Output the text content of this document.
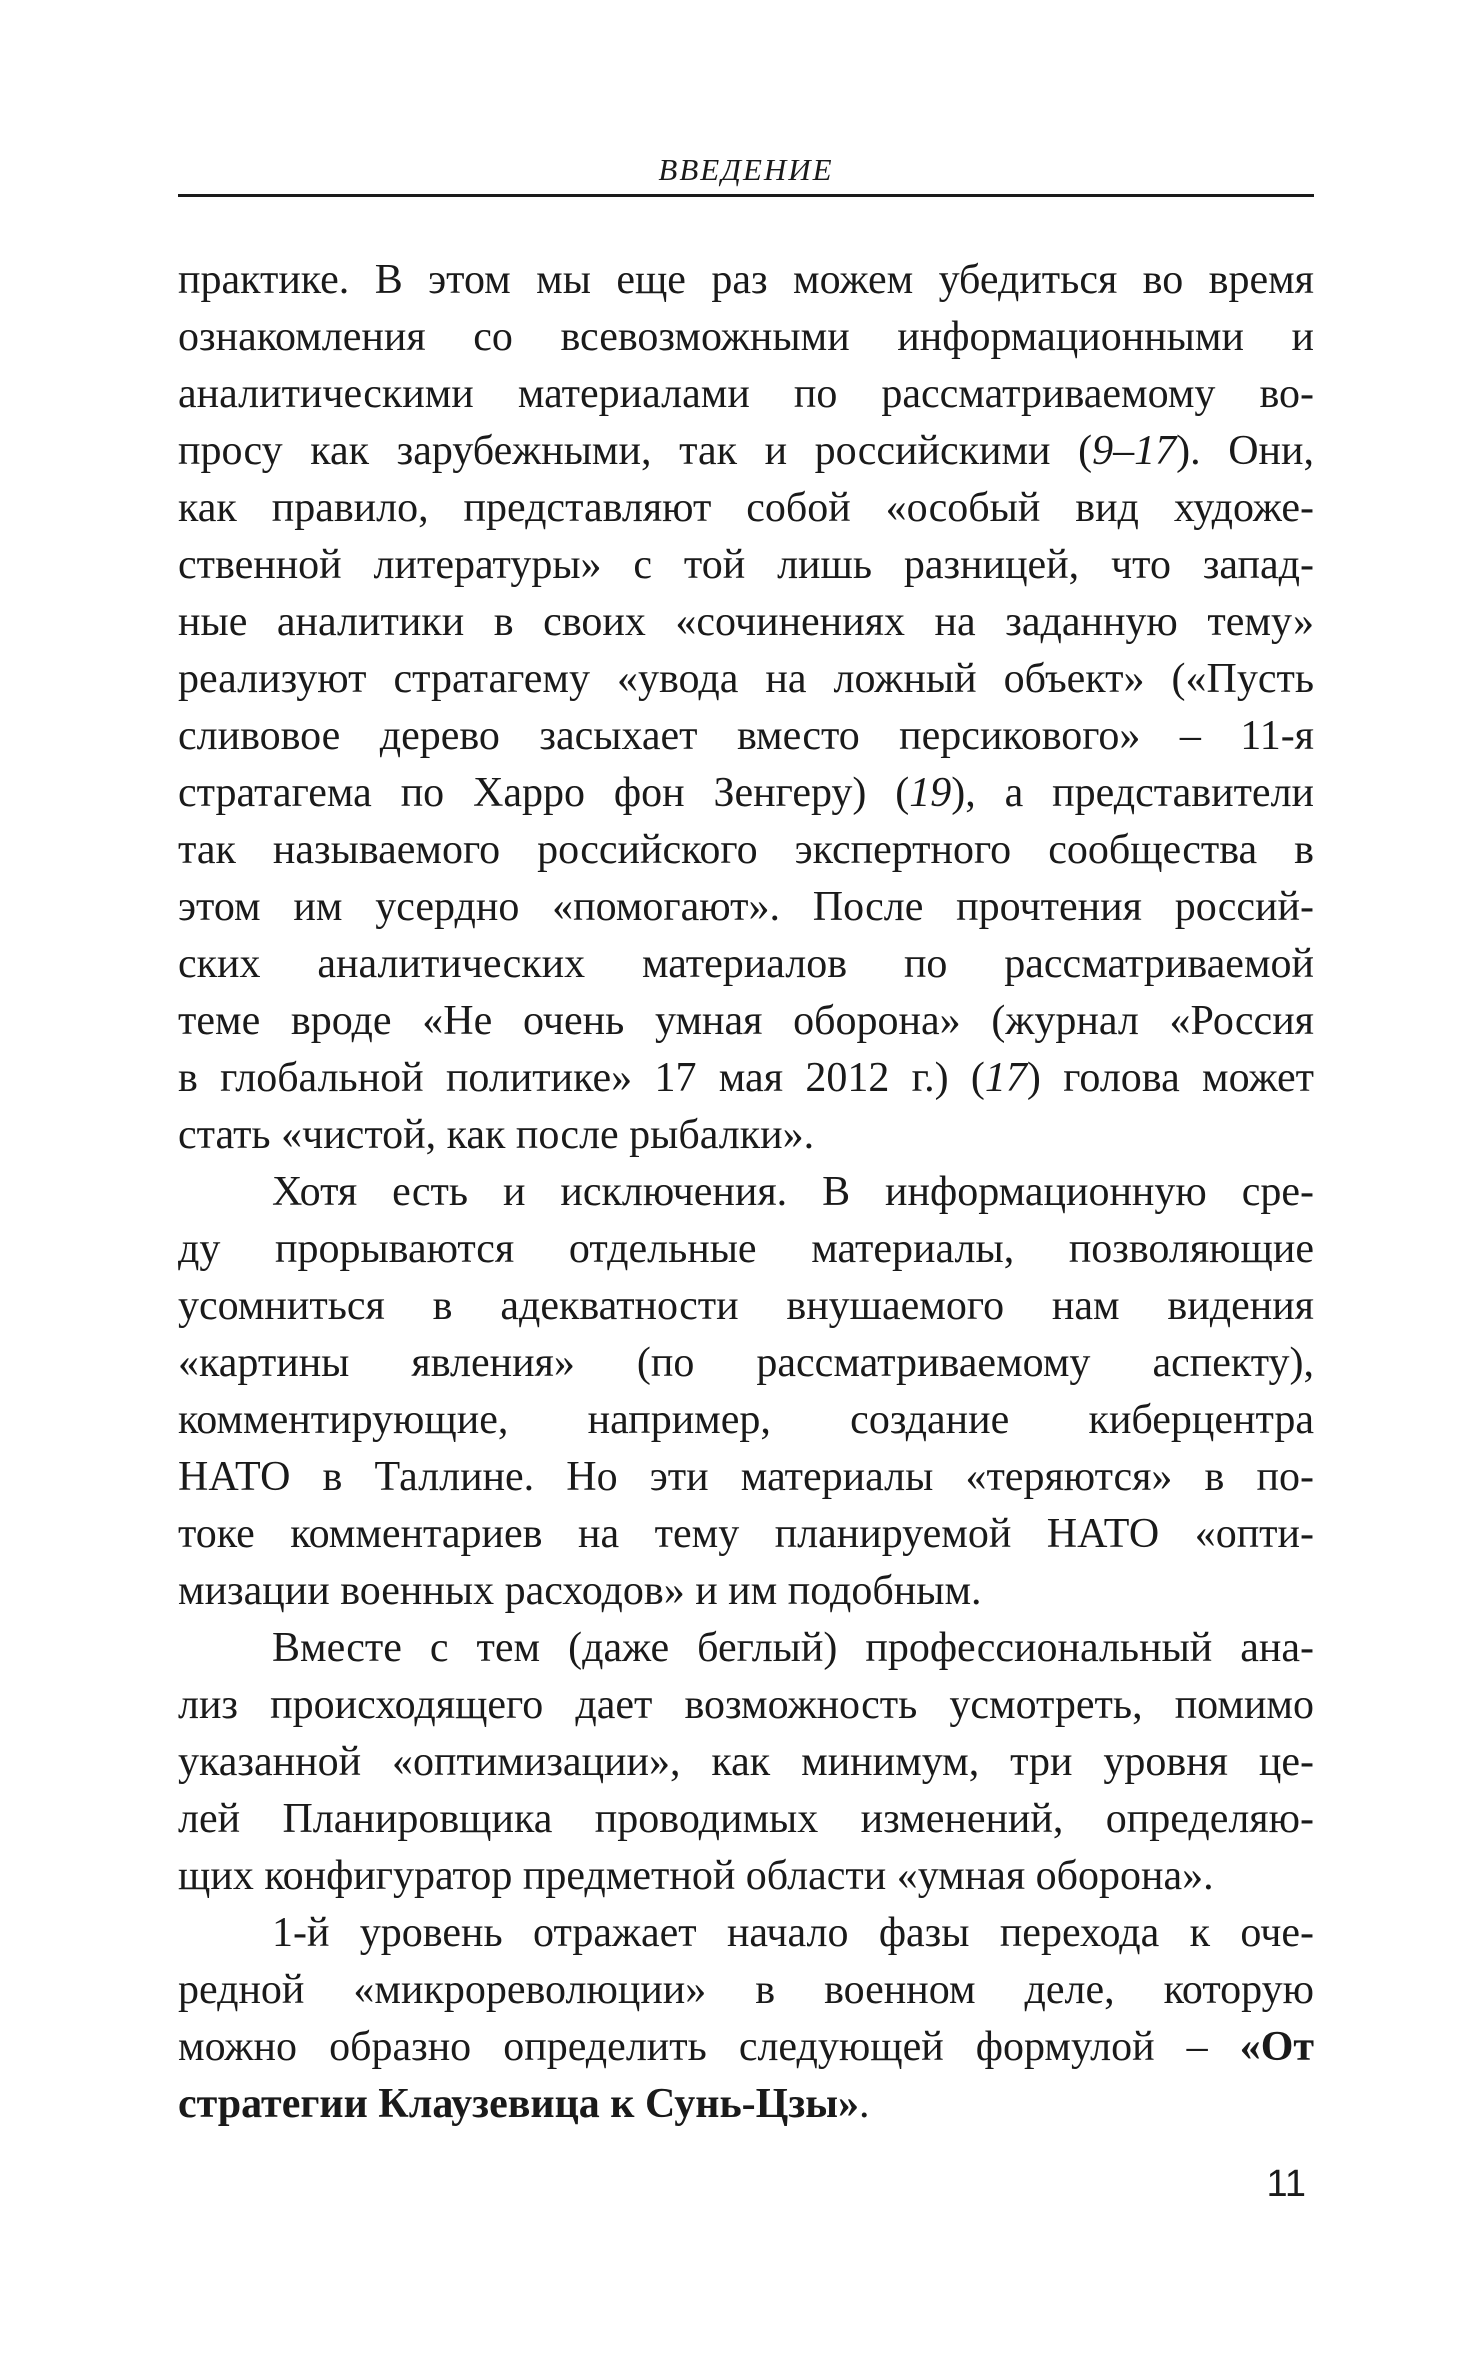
ВВЕДЕНИЕ
практике. В этом мы еще раз можем убедиться во время
ознакомления со всевозможными информационными и
аналитическими материалами по рассматриваемому во-
просу как зарубежными, так и российскими (9–17). Они,
как правило, представляют собой «особый вид художе-
ственной литературы» с той лишь разницей, что запад-
ные аналитики в своих «сочинениях на заданную тему»
реализуют стратагему «увода на ложный объект» («Пусть
сливовое дерево засыхает вместо персикового» – 11-я
стратагема по Харро фон Зенгеру) (19), а представители
так называемого российского экспертного сообщества в
этом им усердно «помогают». После прочтения россий-
ских аналитических материалов по рассматриваемой
теме вроде «Не очень умная оборона» (журнал «Россия
в глобальной политике» 17 мая 2012 г.) (17) голова может
стать «чистой, как после рыбалки».
Хотя есть и исключения. В информационную сре-
ду прорываются отдельные материалы, позволяющие
усомниться в адекватности внушаемого нам видения
«картины явления» (по рассматриваемому аспекту),
комментирующие, например, создание киберцентра
НАТО в Таллине. Но эти материалы «теряются» в по-
токе комментариев на тему планируемой НАТО «опти-
мизации военных расходов» и им подобным.
Вместе с тем (даже беглый) профессиональный ана-
лиз происходящего дает возможность усмотреть, помимо
указанной «оптимизации», как минимум, три уровня це-
лей Планировщика проводимых изменений, определяю-
щих конфигуратор предметной области «умная оборона».
1-й уровень отражает начало фазы перехода к оче-
редной «микрореволюции» в военном деле, которую
можно образно определить следующей формулой – «От
стратегии Клаузевица к Сунь-Цзы».
11
